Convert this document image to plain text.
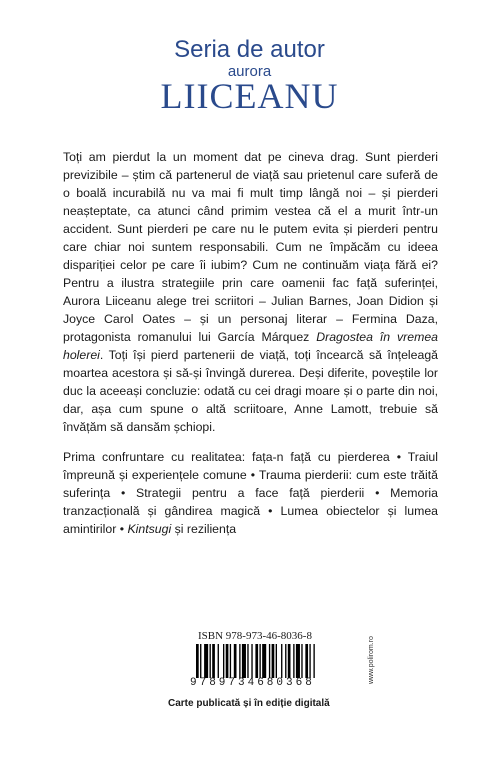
Seria de autor
aurora
LIICEANU

Toți am pierdut la un moment dat pe cineva drag. Sunt pierderi previzibile – știm că partenerul de viață sau prietenul care suferă de o boală incurabilă nu va mai fi mult timp lângă noi – și pierderi neașteptate, ca atunci când primim vestea că el a murit într-un accident. Sunt pierderi pe care nu le putem evita și pierderi pentru care chiar noi suntem responsabili. Cum ne împăcăm cu ideea dispariției celor pe care îi iubim? Cum ne continuăm viața fără ei? Pentru a ilustra strategiile prin care oamenii fac față suferinței, Aurora Liiceanu alege trei scriitori – Julian Barnes, Joan Didion și Joyce Carol Oates – și un personaj literar – Fermina Daza, protagonista romanului lui García Márquez Dragostea în vremea holerei. Toți își pierd partenerii de viață, toți încearcă să înțeleagă moartea acestora și să-și învingă durerea. Deși diferite, poveștile lor duc la aceeași concluzie: odată cu cei dragi moare și o parte din noi, dar, așa cum spune o altă scriitoare, Anne Lamott, trebuie să învățăm să dansăm șchiopi.

Prima confruntare cu realitatea: fața-n față cu pierderea • Traiul împreună și experiențele comune • Trauma pierderii: cum este trăită suferința • Strategii pentru a face față pierderii • Memoria tranzacțională și gândirea magică • Lumea obiectelor și lumea amintirilor • Kintsugi și reziliența

ISBN 978-973-46-8036-8
9789734680368	www.polirom.ro
Carte publicată și în ediție digitală
